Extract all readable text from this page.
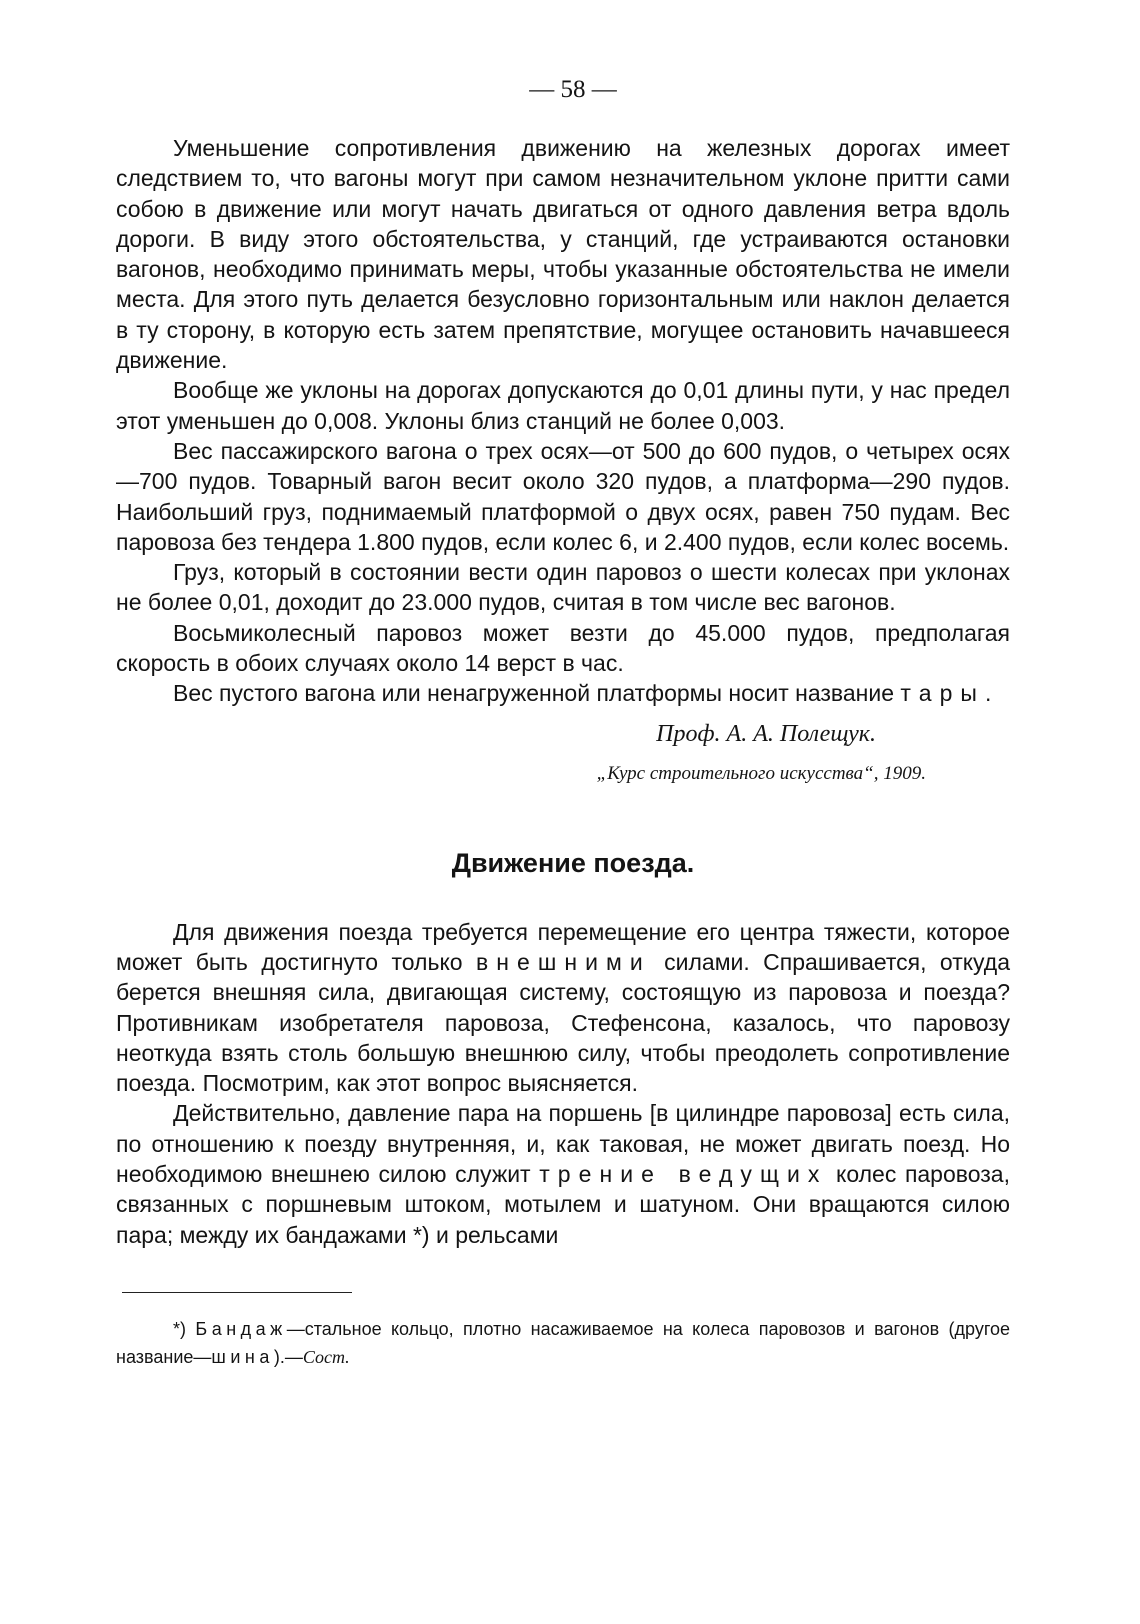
— 58 —

Уменьшение сопротивления движению на железных дорогах имеет следствием то, что вагоны могут при самом незначительном уклоне притти сами собою в движение или могут начать двигаться от одного давления ветра вдоль дороги. В виду этого обстоятельства, у станций, где устраиваются остановки вагонов, необходимо принимать меры, чтобы указанные обстоятельства не имели места. Для этого путь делается безусловно горизонтальным или наклон делается в ту сторону, в которую есть затем препятствие, могущее остановить начавшееся движение.

Вообще же уклоны на дорогах допускаются до 0,01 длины пути, у нас предел этот уменьшен до 0,008. Уклоны близ станций не более 0,003.

Вес пассажирского вагона о трех осях—от 500 до 600 пудов, о четырех осях—700 пудов. Товарный вагон весит около 320 пудов, а платформа—290 пудов. Наибольший груз, поднимаемый платформой о двух осях, равен 750 пудам. Вес паровоза без тендера 1.800 пудов, если колес 6, и 2.400 пудов, если колес восемь.

Груз, который в состоянии вести один паровоз о шести колесах при уклонах не более 0,01, доходит до 23.000 пудов, считая в том числе вес вагонов.

Восьмиколесный паровоз может везти до 45.000 пудов, предполагая скорость в обоих случаях около 14 верст в час.

Вес пустого вагона или ненагруженной платформы носит название тары.

Проф. А. А. Полещук.
„Курс строительного искусства“, 1909.
Движение поезда.

Для движения поезда требуется перемещение его центра тяжести, которое может быть достигнуто только внешними силами. Спрашивается, откуда берется внешняя сила, двигающая систему, состоящую из паровоза и поезда? Противникам изобретателя паровоза, Стефенсона, казалось, что паровозу неоткуда взять столь большую внешнюю силу, чтобы преодолеть сопротивление поезда. Посмотрим, как этот вопрос выясняется.

Действительно, давление пара на поршень [в цилиндре паровоза] есть сила, по отношению к поезду внутренняя, и, как таковая, не может двигать поезд. Но необходимою внешнею силою служит трение ведущих колес паровоза, связанных с поршневым штоком, мотылем и шатуном. Они вращаются силою пара; между их бандажами *) и рельсами

*) Бандаж—стальное кольцо, плотно насаживаемое на колеса паровозов и вагонов (другое название—шина).—Сост.
